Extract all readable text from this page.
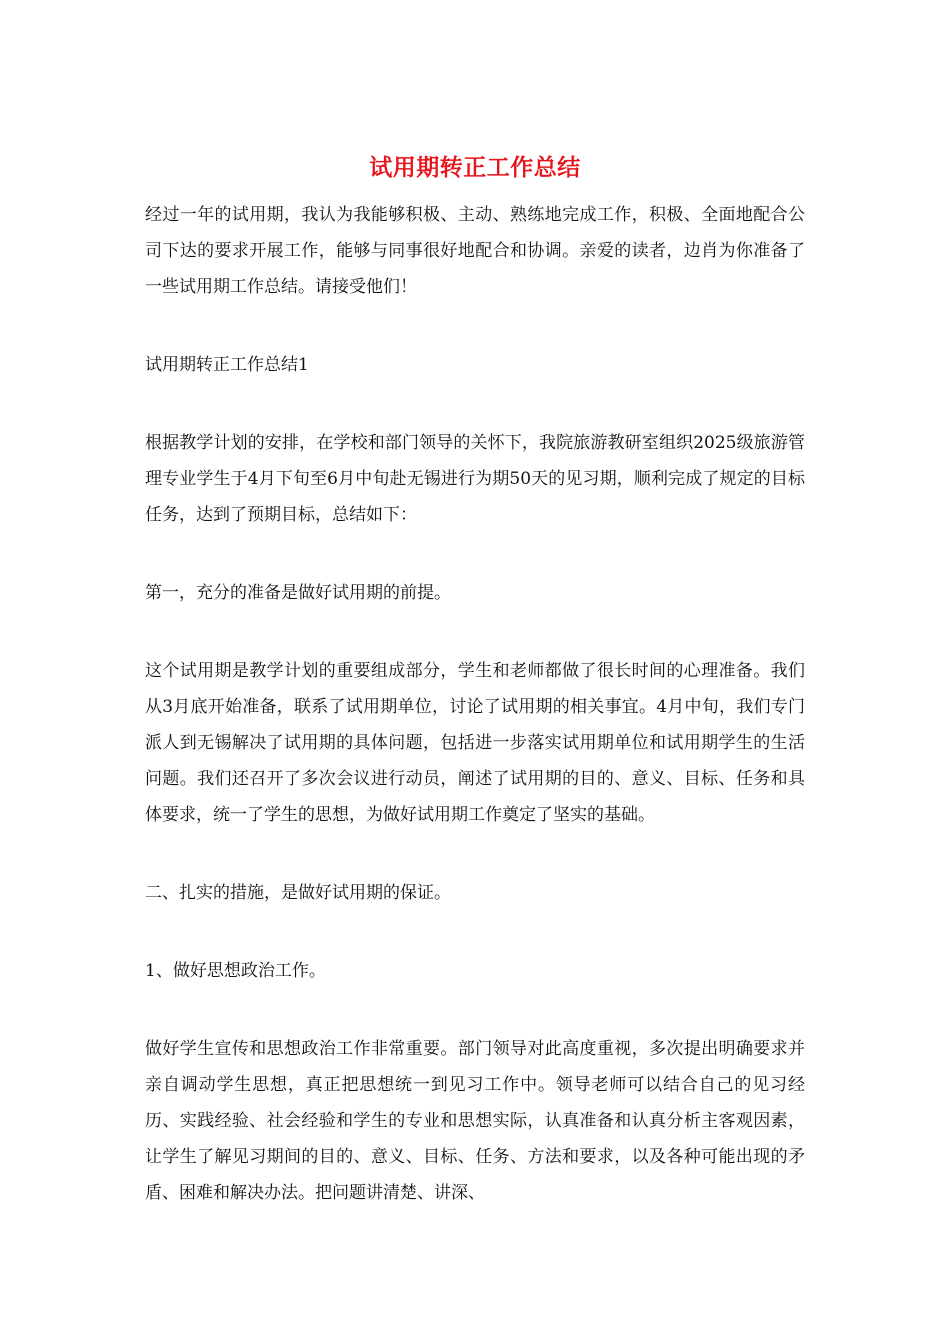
试用期转正工作总结

经过一年的试用期，我认为我能够积极、主动、熟练地完成工作，积极、全面地配合公司下达的要求开展工作，能够与同事很好地配合和协调。亲爱的读者，边肖为你准备了一些试用期工作总结。请接受他们！

试用期转正工作总结1

根据教学计划的安排，在学校和部门领导的关怀下，我院旅游教研室组织2025级旅游管理专业学生于4月下旬至6月中旬赴无锡进行为期50天的见习期，顺利完成了规定的目标任务，达到了预期目标，总结如下：

第一，充分的准备是做好试用期的前提。

这个试用期是教学计划的重要组成部分，学生和老师都做了很长时间的心理准备。我们从3月底开始准备，联系了试用期单位，讨论了试用期的相关事宜。4月中旬，我们专门派人到无锡解决了试用期的具体问题，包括进一步落实试用期单位和试用期学生的生活问题。我们还召开了多次会议进行动员，阐述了试用期的目的、意义、目标、任务和具体要求，统一了学生的思想，为做好试用期工作奠定了坚实的基础。

二、扎实的措施，是做好试用期的保证。

1、做好思想政治工作。

做好学生宣传和思想政治工作非常重要。部门领导对此高度重视，多次提出明确要求并亲自调动学生思想，真正把思想统一到见习工作中。领导老师可以结合自己的见习经历、实践经验、社会经验和学生的专业和思想实际，认真准备和认真分析主客观因素，让学生了解见习期间的目的、意义、目标、任务、方法和要求，以及各种可能出现的矛盾、困难和解决办法。把问题讲清楚、讲深、
